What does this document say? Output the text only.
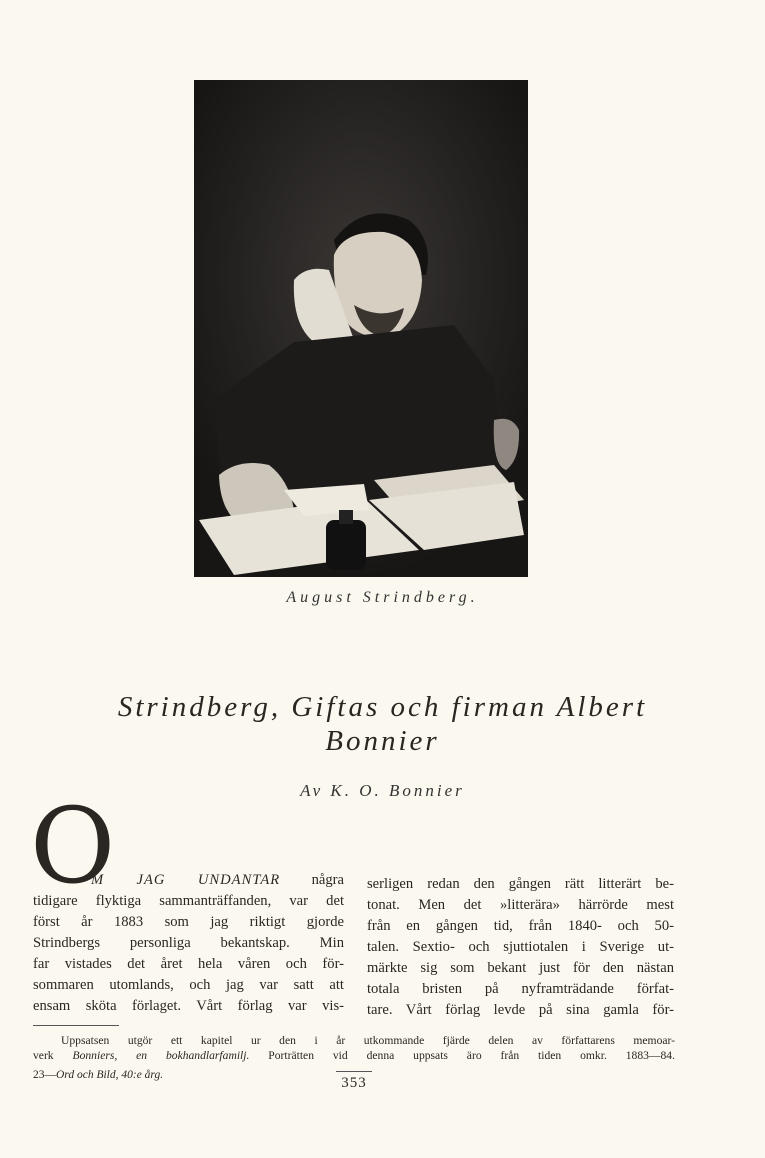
August Strindberg.
Strindberg, Giftas och firman Albert
Bonnier
Av K. O. Bonnier
O

M JAG UNDANTAR några

tidigare flyktiga sammanträffanden, var det

först år 1883 som jag riktigt gjorde

Strindbergs personliga bekantskap. Min

far vistades det året hela våren och för-

sommaren utomlands, och jag var satt att

ensam sköta förlaget. Vårt förlag var vis-

serligen redan den gången rätt litterärt be-

tonat. Men det »litterära» härrörde mest

från en gången tid, från 1840- och 50-

talen. Sextio- och sjuttiotalen i Sverige ut-

märkte sig som bekant just för den nästan

totala bristen på nyframträdande förfat-

tare. Vårt förlag levde på sina gamla för-

Uppsatsen utgör ett kapitel ur den i år utkommande fjärde delen av författarens memoar-

verk Bonniers, en bokhandlarfamilj. Porträtten vid denna uppsats äro från tiden omkr. 1883—84.

23—Ord och Bild, 40:e årg.	353
